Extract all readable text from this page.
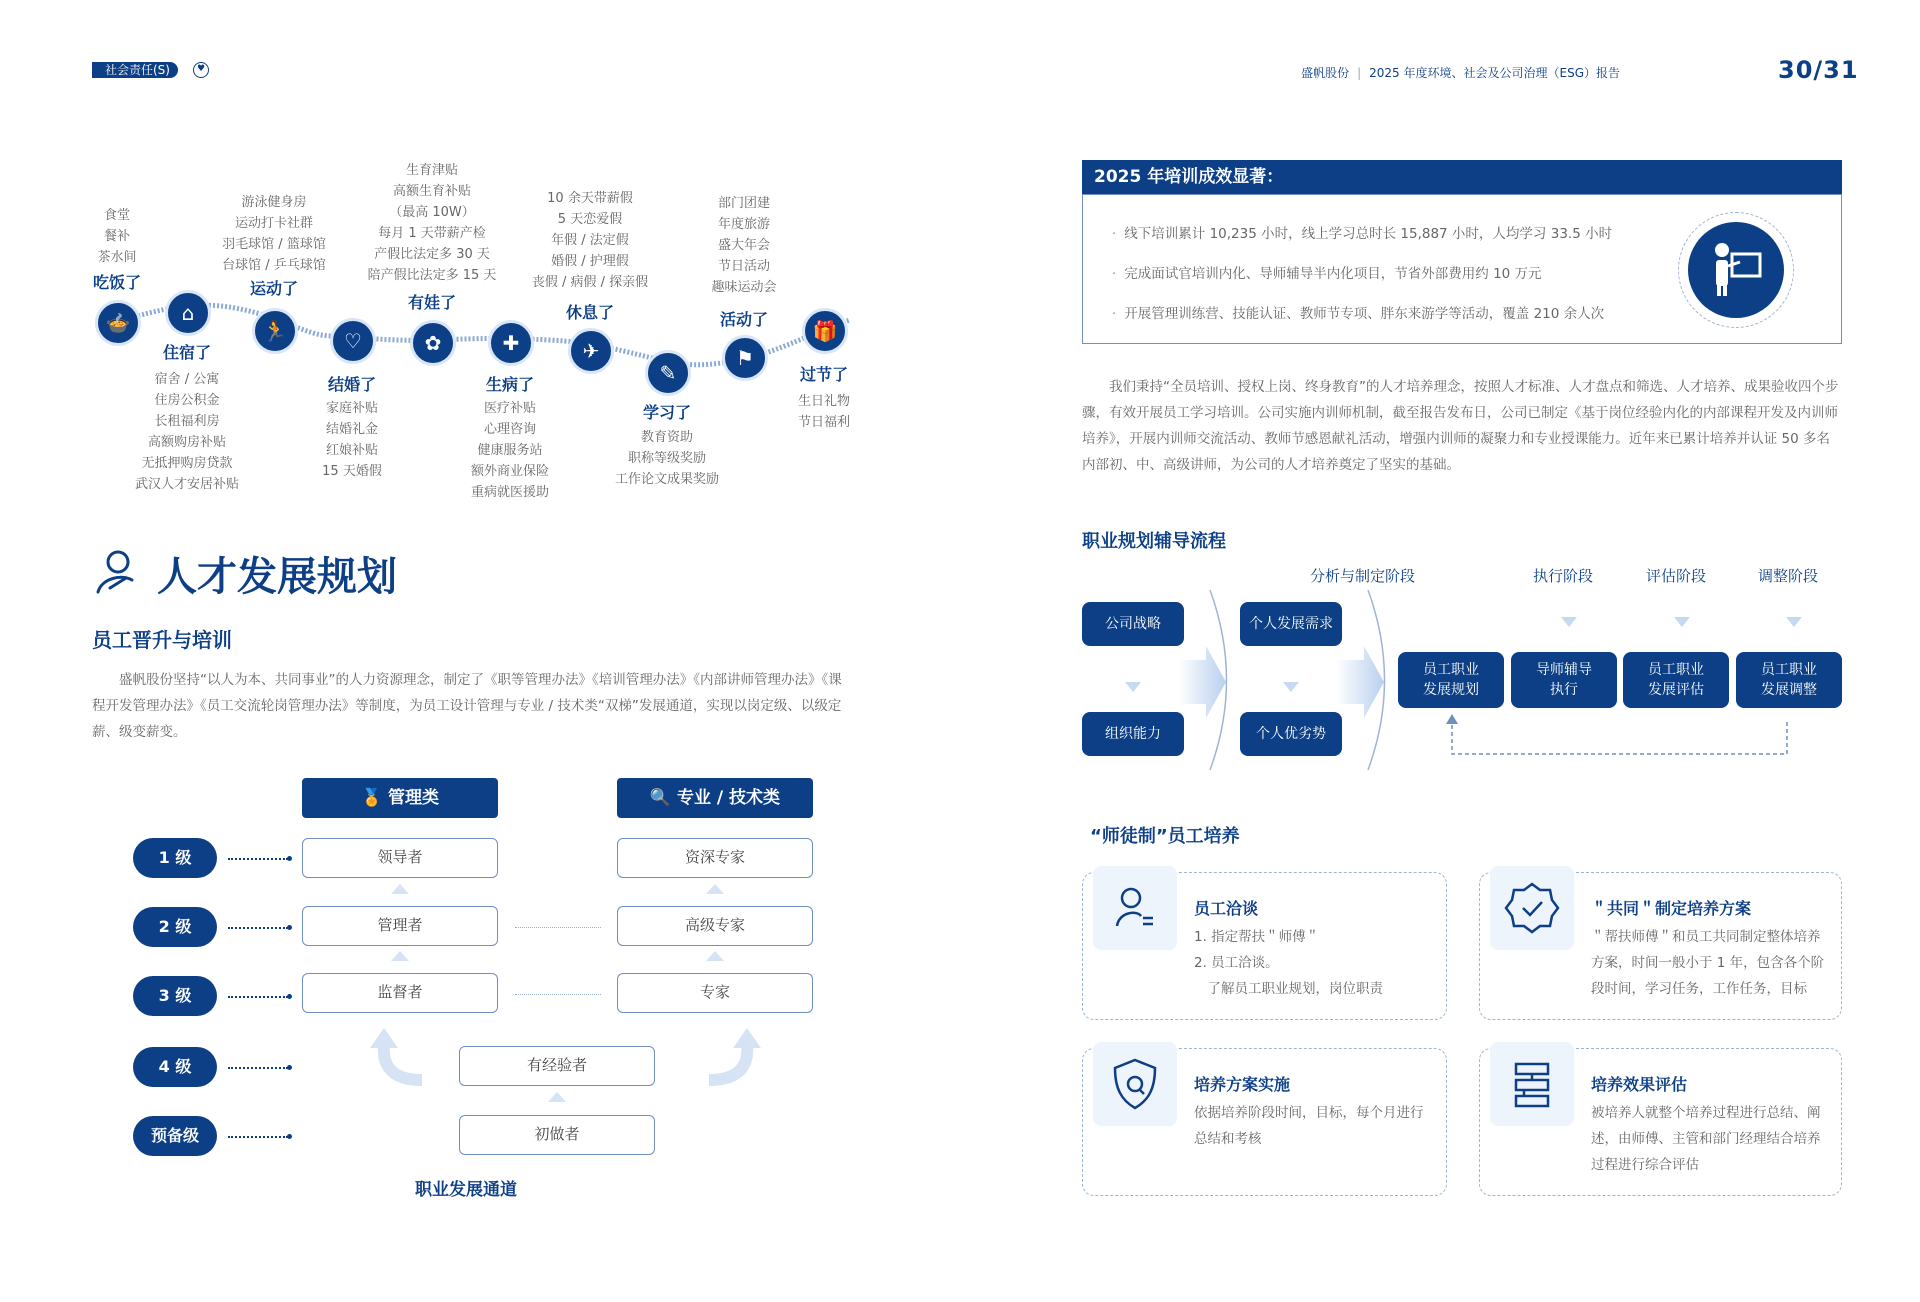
社会责任(S)	♥	盛帆股份 | 2025 年度环境、社会及公司治理（ESG）报告	30/31
🍲
吃饭了
食堂
餐补
茶水间
⌂
住宿了
宿舍 / 公寓
住房公积金
长租福利房
高额购房补贴
无抵押购房贷款
武汉人才安居补贴
🏃
运动了
游泳健身房
运动打卡社群
羽毛球馆 / 篮球馆
台球馆 / 乒乓球馆
♡
结婚了
家庭补贴
结婚礼金
红娘补贴
15 天婚假
✿
有娃了
生育津贴
高额生育补贴
（最高 10W）
每月 1 天带薪产检
产假比法定多 30 天
陪产假比法定多 15 天
✚
生病了
医疗补贴
心理咨询
健康服务站
额外商业保险
重病就医援助
✈
休息了
10 余天带薪假
5 天恋爱假
年假 / 法定假
婚假 / 护理假
丧假 / 病假 / 探亲假
✎
学习了
教育资助
职称等级奖励
工作论文成果奖励
⚑
活动了
部门团建
年度旅游
盛大年会
节日活动
趣味运动会
🎁
过节了
生日礼物
节日福利
人才发展规划
员工晋升与培训
盛帆股份坚持“以人为本、共同事业”的人力资源理念，制定了《职等管理办法》《培训管理办法》《内部讲师管理办法》《课程开发管理办法》《员工交流轮岗管理办法》等制度，为员工设计管理与专业 / 技术类“双梯”发展通道，实现以岗定级、以级定薪、级变薪变。
🏅 管理类	🔍 专业 / 技术类
1 级
2 级
3 级
4 级
预备级
领导者
管理者
监督者
资深专家
高级专家
专家
有经验者
初做者
职业发展通道
2025 年培训成效显著：
· 线下培训累计 10,235 小时，线上学习总时长 15,887 小时，人均学习 33.5 小时
· 完成面试官培训内化、导师辅导半内化项目，节省外部费用约 10 万元
· 开展管理训练营、技能认证、教师节专项、胖东来游学等活动，覆盖 210 余人次
我们秉持“全员培训、授权上岗、终身教育”的人才培养理念，按照人才标准、人才盘点和筛选、人才培养、成果验收四个步骤，有效开展员工学习培训。公司实施内训师机制，截至报告发布日，公司已制定《基于岗位经验内化的内部课程开发及内训师培养》，开展内训师交流活动、教师节感恩献礼活动，增强内训师的凝聚力和专业授课能力。近年来已累计培养并认证 50 多名内部初、中、高级讲师，为公司的人才培养奠定了坚实的基础。
职业规划辅导流程
分析与制定阶段	执行阶段	评估阶段	调整阶段
公司战略
组织能力
个人发展需求
个人优劣势
员工职业
发展规划
导师辅导
执行
员工职业
发展评估
员工职业
发展调整
“师徒制”员工培养
员工洽谈
1. 指定帮扶＂师傅＂
2. 员工洽谈。
　了解员工职业规划，岗位职责
＂共同＂制定培养方案
＂帮扶师傅＂和员工共同制定整体培养方案，时间一般小于 1 年，包含各个阶段时间，学习任务，工作任务，目标
培养方案实施
依据培养阶段时间，目标，每个月进行总结和考核
培养效果评估
被培养人就整个培养过程进行总结、阐述，由师傅、主管和部门经理结合培养过程进行综合评估
